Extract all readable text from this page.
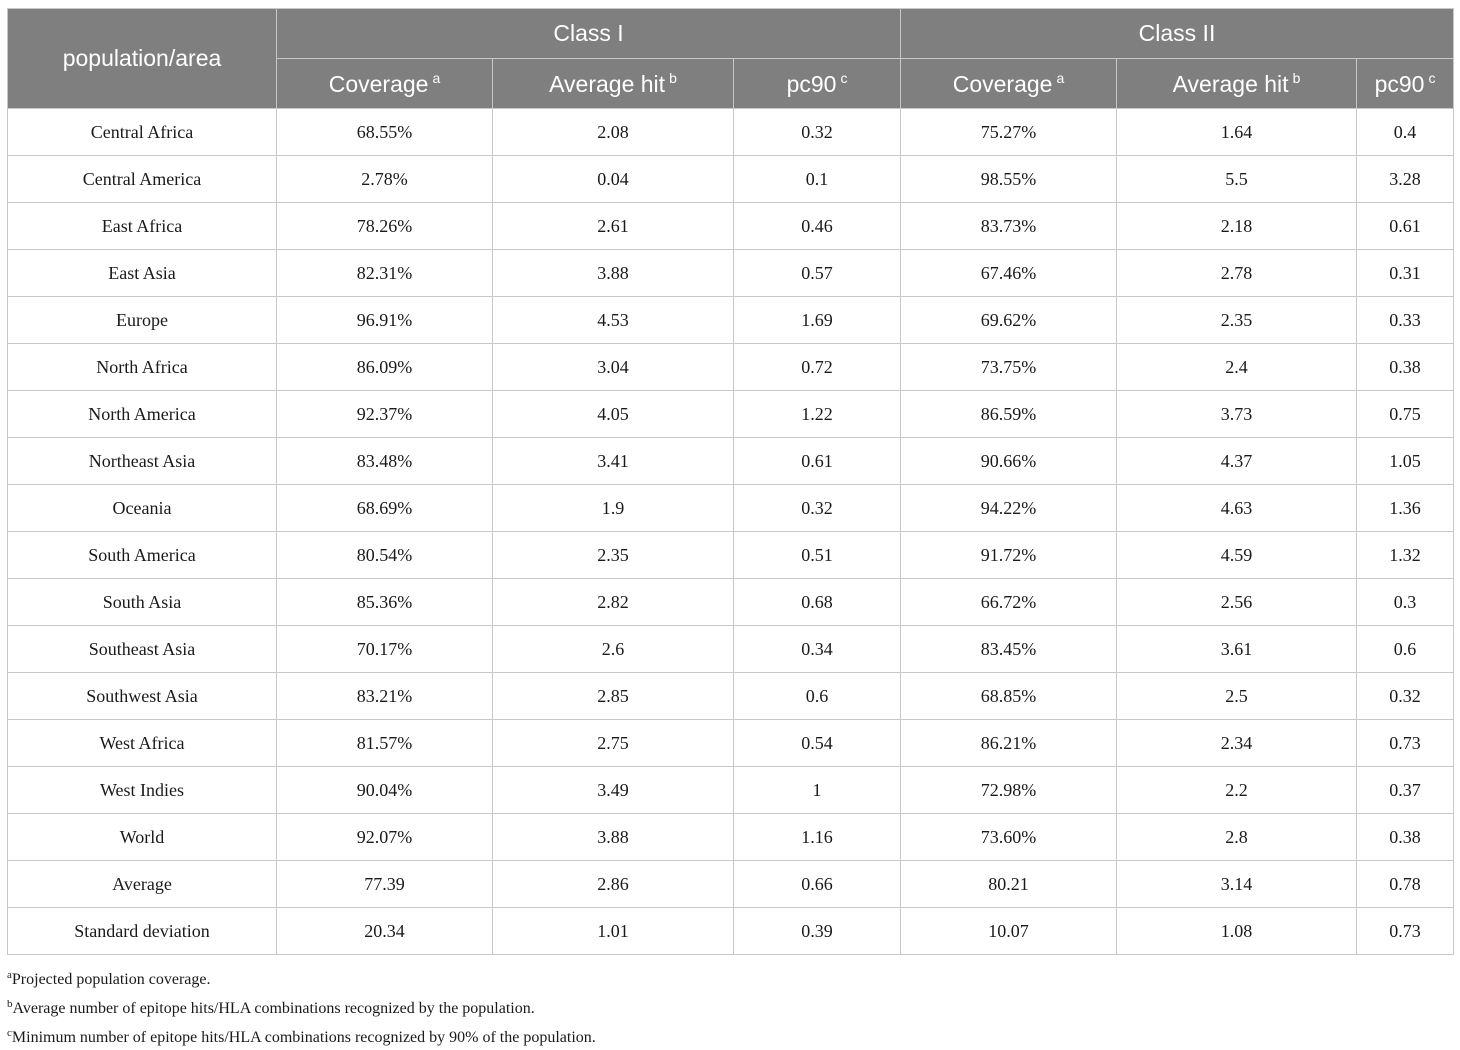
population/area	Class I			Class II		
	Coverage $^a$	Average hit $^b$	pc90 $^c$	Coverage $^a$	Average hit $^b$	pc90 $^c$
Central Africa	68.55%	2.08	0.32	75.27%	1.64	0.4
Central America	2.78%	0.04	0.1	98.55%	5.5	3.28
East Africa	78.26%	2.61	0.46	83.73%	2.18	0.61
East Asia	82.31%	3.88	0.57	67.46%	2.78	0.31
Europe	96.91%	4.53	1.69	69.62%	2.35	0.33
North Africa	86.09%	3.04	0.72	73.75%	2.4	0.38
North America	92.37%	4.05	1.22	86.59%	3.73	0.75
Northeast Asia	83.48%	3.41	0.61	90.66%	4.37	1.05
Oceania	68.69%	1.9	0.32	94.22%	4.63	1.36
South America	80.54%	2.35	0.51	91.72%	4.59	1.32
South Asia	85.36%	2.82	0.68	66.72%	2.56	0.3
Southeast Asia	70.17%	2.6	0.34	83.45%	3.61	0.6
Southwest Asia	83.21%	2.85	0.6	68.85%	2.5	0.32
West Africa	81.57%	2.75	0.54	86.21%	2.34	0.73
West Indies	90.04%	3.49	1	72.98%	2.2	0.37
World	92.07%	3.88	1.16	73.60%	2.8	0.38
Average	77.39	2.86	0.66	80.21	3.14	0.78
Standard deviation	20.34	1.01	0.39	10.07	1.08	0.73
$^a$Projected population coverage.
$^b$Average number of epitope hits/HLA combinations recognized by the population.
$^c$Minimum number of epitope hits/HLA combinations recognized by 90% of the population.
